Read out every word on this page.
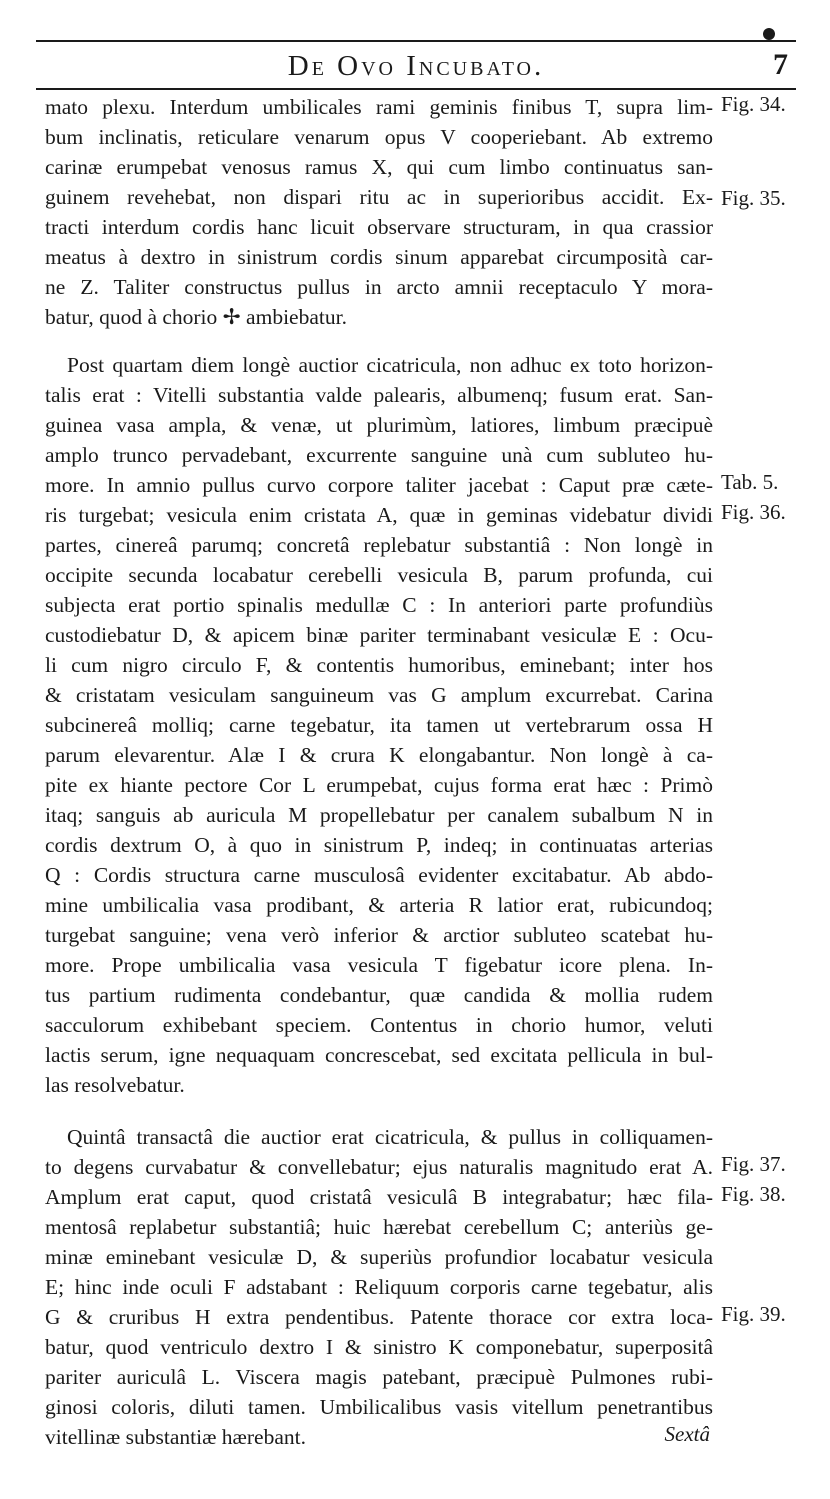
De Ovo Incubato.	7
mato plexu. Interdum umbilicales rami geminis finibus T, supra lim-
bum inclinatis, reticulare venarum opus V cooperiebant. Ab extremo
carinæ erumpebat venosus ramus X, qui cum limbo continuatus san-
guinem revehebat, non dispari ritu ac in superioribus accidit. Ex-
tracti interdum cordis hanc licuit observare structuram, in qua crassior
meatus à dextro in sinistrum cordis sinum apparebat circumposità car-
ne Z. Taliter constructus pullus in arcto amnii receptaculo Y mora-
batur, quod à chorio ✢ ambiebatur.
Post quartam diem longè auctior cicatricula, non adhuc ex toto horizon-
talis erat : Vitelli substantia valde palearis, albumenq; fusum erat. San-
guinea vasa ampla, & venæ, ut plurimùm, latiores, limbum præcipuè
amplo trunco pervadebant, excurrente sanguine unà cum subluteo hu-
more. In amnio pullus curvo corpore taliter jacebat : Caput præ cæte-
ris turgebat; vesicula enim cristata A, quæ in geminas videbatur dividi
partes, cinereâ parumq; concretâ replebatur substantiâ : Non longè in
occipite secunda locabatur cerebelli vesicula B, parum profunda, cui
subjecta erat portio spinalis medullæ C : In anteriori parte profundiùs
custodiebatur D, & apicem binæ pariter terminabant vesiculæ E : Ocu-
li cum nigro circulo F, & contentis humoribus, eminebant; inter hos
& cristatam vesiculam sanguineum vas G amplum excurrebat. Carina
subcinereâ molliq; carne tegebatur, ita tamen ut vertebrarum ossa H
parum elevarentur. Alæ I & crura K elongabantur. Non longè à ca-
pite ex hiante pectore Cor L erumpebat, cujus forma erat hæc : Primò
itaq; sanguis ab auricula M propellebatur per canalem subalbum N in
cordis dextrum O, à quo in sinistrum P, indeq; in continuatas arterias
Q : Cordis structura carne musculosâ evidenter excitabatur. Ab abdo-
mine umbilicalia vasa prodibant, & arteria R latior erat, rubicundoq;
turgebat sanguine; vena verò inferior & arctior subluteo scatebat hu-
more. Prope umbilicalia vasa vesicula T figebatur icore plena. In-
tus partium rudimenta condebantur, quæ candida & mollia rudem
sacculorum exhibebant speciem. Contentus in chorio humor, veluti
lactis serum, igne nequaquam concrescebat, sed excitata pellicula in bul-
las resolvebatur.
Quintâ transactâ die auctior erat cicatricula, & pullus in colliquamen-
to degens curvabatur & convellebatur; ejus naturalis magnitudo erat A.
Amplum erat caput, quod cristatâ vesiculâ B integrabatur; hæc fila-
mentosâ replabetur substantiâ; huic hærebat cerebellum C; anteriùs ge-
minæ eminebant vesiculæ D, & superiùs profundior locabatur vesicula
E; hinc inde oculi F adstabant : Reliquum corporis carne tegebatur, alis
G & cruribus H extra pendentibus. Patente thorace cor extra loca-
batur, quod ventriculo dextro I & sinistro K componebatur, superpositâ
pariter auriculâ L. Viscera magis patebant, præcipuè Pulmones rubi-
ginosi coloris, diluti tamen. Umbilicalibus vasis vitellum penetrantibus
vitellinæ substantiæ hærebant.	Sextâ
Fig. 34.
Fig. 35.
Tab. 5.
Fig. 36.
Fig. 37.
Fig. 38.
Fig. 39.
